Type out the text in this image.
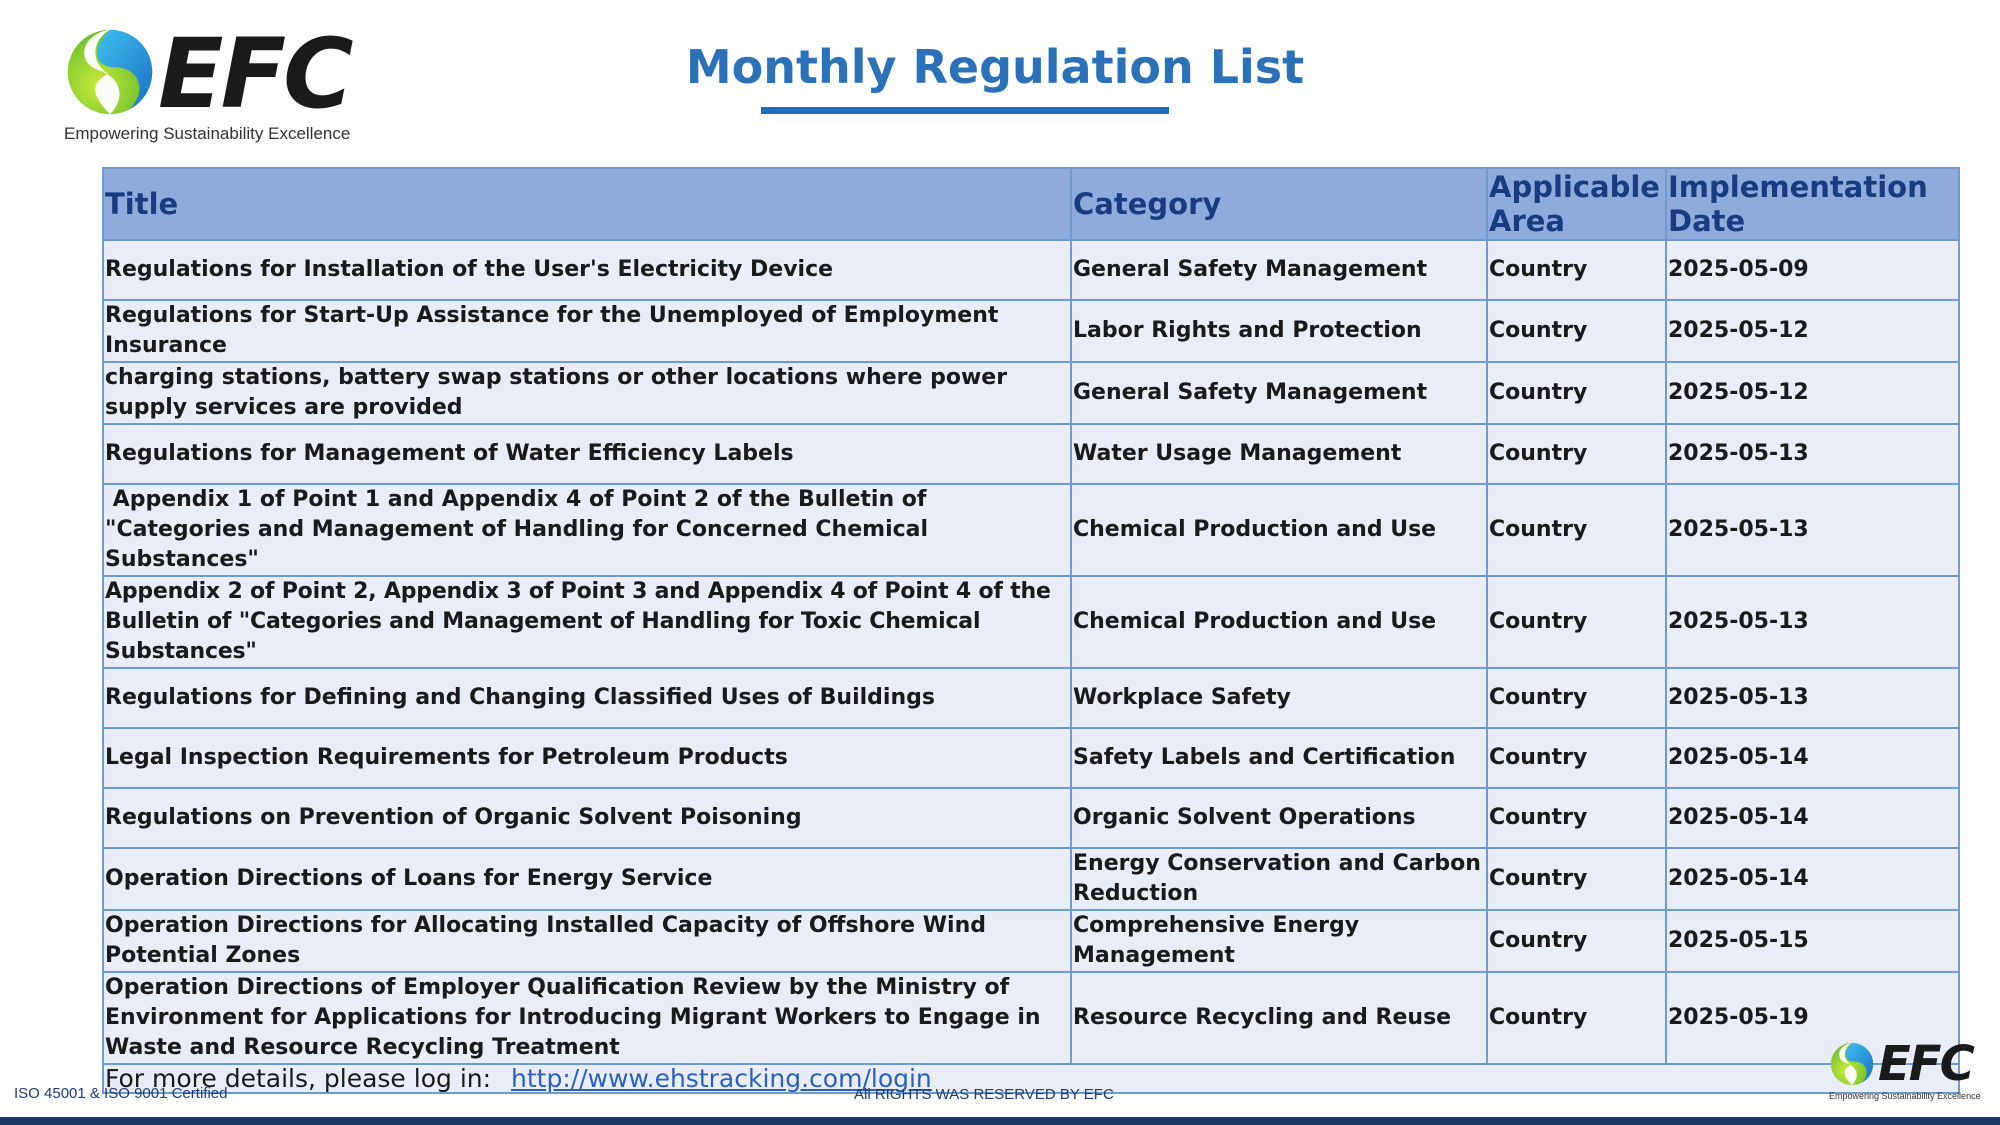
EFC
Empowering Sustainability Excellence
Monthly Regulation List
Title	Category	Applicable Area	Implementation Date
Regulations for Installation of the User's Electricity Device	General Safety Management	Country	2025-05-09
Regulations for Start-Up Assistance for the Unemployed of Employment Insurance	Labor Rights and Protection	Country	2025-05-12
charging stations, battery swap stations or other locations where power supply services are provided	General Safety Management	Country	2025-05-12
Regulations for Management of Water Efficiency Labels	Water Usage Management	Country	2025-05-13
Appendix 1 of Point 1 and Appendix 4 of Point 2 of the Bulletin of "Categories and Management of Handling for Concerned Chemical Substances"	Chemical Production and Use	Country	2025-05-13
Appendix 2 of Point 2, Appendix 3 of Point 3 and Appendix 4 of Point 4 of the Bulletin of "Categories and Management of Handling for Toxic Chemical Substances"	Chemical Production and Use	Country	2025-05-13
Regulations for Defining and Changing Classified Uses of Buildings	Workplace Safety	Country	2025-05-13
Legal Inspection Requirements for Petroleum Products	Safety Labels and Certification	Country	2025-05-14
Regulations on Prevention of Organic Solvent Poisoning	Organic Solvent Operations	Country	2025-05-14
Operation Directions of Loans for Energy Service	Energy Conservation and Carbon Reduction	Country	2025-05-14
Operation Directions for Allocating Installed Capacity of Offshore Wind Potential Zones	Comprehensive Energy Management	Country	2025-05-15
Operation Directions of Employer Qualification Review by the Ministry of Environment for Applications for Introducing Migrant Workers to Engage in Waste and Resource Recycling Treatment	Resource Recycling and Reuse	Country	2025-05-19
For more details, please log in: http://www.ehstracking.com/login			
ISO 45001 & ISO 9001 Certified	All RIGHTS WAS RESERVED BY EFC
EFC
Empowering Sustainability Excellence
